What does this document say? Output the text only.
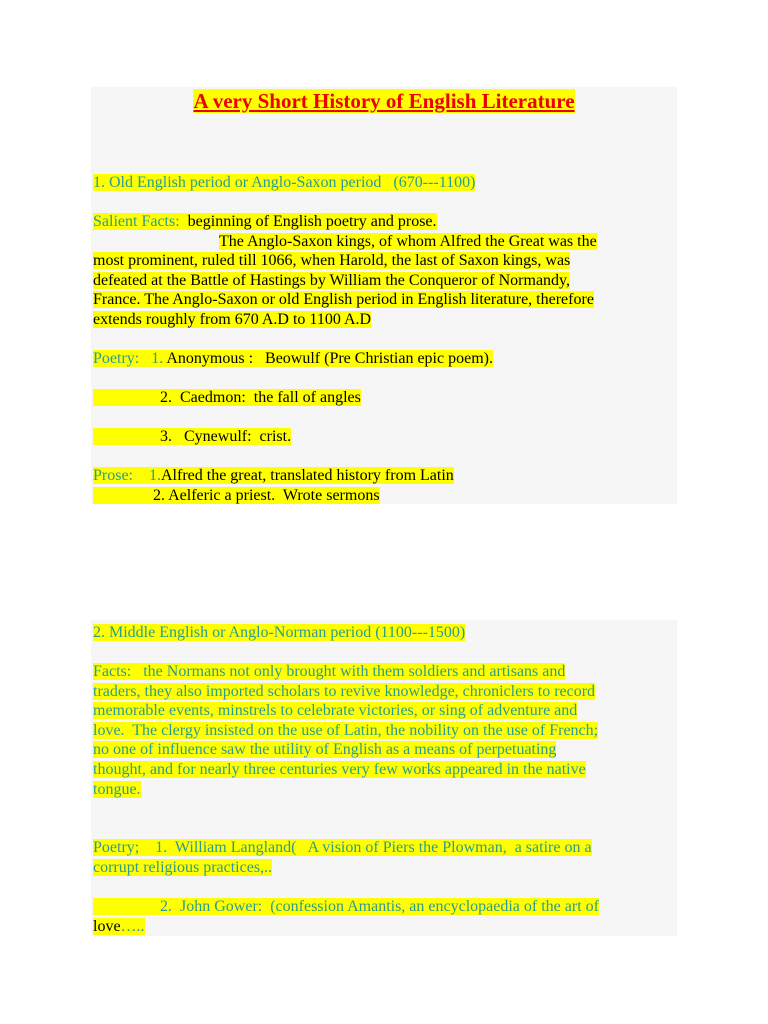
A very Short History of English Literature
1. Old English period or Anglo-Saxon period   (670---1100)
Salient Facts:  beginning of English poetry and prose.
The Anglo-Saxon kings, of whom Alfred the Great was the
most prominent, ruled till 1066, when Harold, the last of Saxon kings, was
defeated at the Battle of Hastings by William the Conqueror of Normandy,
France. The Anglo-Saxon or old English period in English literature, therefore
extends roughly from 670 A.D to 1100 A.D
Poetry:   1. Anonymous :   Beowulf (Pre Christian epic poem).
2.  Caedmon:  the fall of angles
3.   Cynewulf:  crist.
Prose:    1.Alfred the great, translated history from Latin
2. Aelferic a priest.  Wrote sermons
2. Middle English or Anglo-Norman period (1100---1500)
Facts:   the Normans not only brought with them soldiers and artisans and
traders, they also imported scholars to revive knowledge, chroniclers to record
memorable events, minstrels to celebrate victories, or sing of adventure and
love.  The clergy insisted on the use of Latin, the nobility on the use of French;
no one of influence saw the utility of English as a means of perpetuating
thought, and for nearly three centuries very few works appeared in the native
tongue.
Poetry;    1.  William Langland(   A vision of Piers the Plowman,  a satire on a
corrupt religious practices,..
2.  John Gower:  (confession Amantis, an encyclopaedia of the art of
love…..
